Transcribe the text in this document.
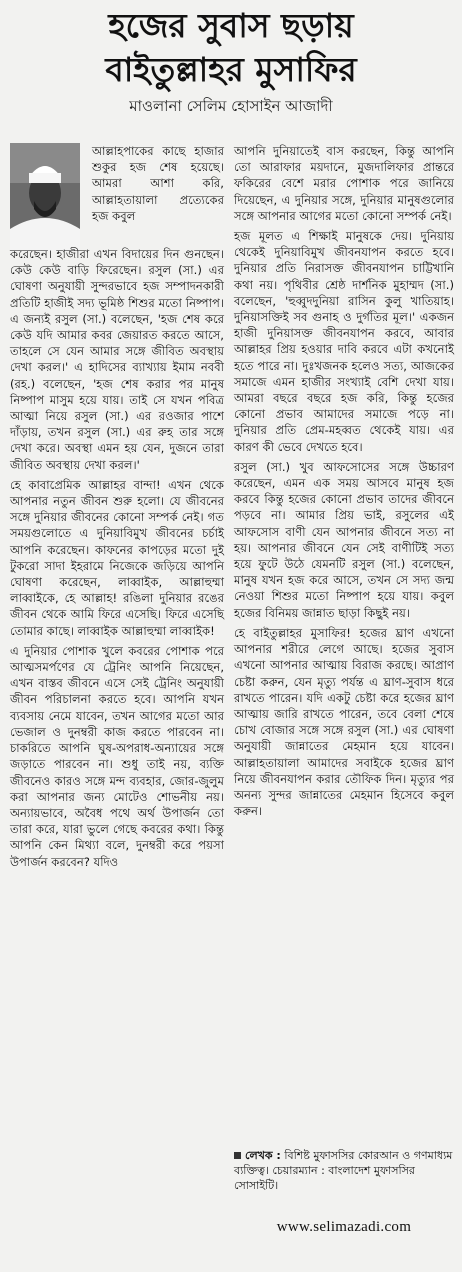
হজের সুবাস ছড়ায়
বাইতুল্লাহর মুসাফির
মাওলানা সেলিম হোসাইন আজাদী

আল্লাহপাকের কাছে হাজার শুকুর হজ শেষ হয়েছে। আমরা আশা করি, আল্লাহতায়ালা প্রত্যেকের হজ কবুল

করেছেন। হাজীরা এখন বিদায়ের দিন গুনছেন। কেউ কেউ বাড়ি ফিরেছেন। রসুল (সা.) এর ঘোষণা অনুযায়ী সুন্দরভাবে হজ সম্পাদনকারী প্রতিটি হাজীই সদ্য ভূমিষ্ঠ শিশুর মতো নিষ্পাপ। এ জন্যই রসুল (সা.) বলেছেন, 'হজ শেষ করে কেউ যদি আমার কবর জেয়ারত করতে আসে, তাহলে সে যেন আমার সঙ্গে জীবিত অবস্থায় দেখা করল।' এ হাদিসের ব্যাখ্যায় ইমাম নববী (রহ.) বলেছেন, 'হজ শেষ করার পর মানুষ নিষ্পাপ মাসুম হয়ে যায়। তাই সে যখন পবিত্র আত্মা নিয়ে রসুল (সা.) এর রওজার পাশে দাঁড়ায়, তখন রসুল (সা.) এর রুহ তার সঙ্গে দেখা করে। অবস্থা এমন হয় যেন, দুজনে তারা জীবিত অবস্থায় দেখা করল।'

হে কাবাপ্রেমিক আল্লাহর বান্দা! এখন থেকে আপনার নতুন জীবন শুরু হলো। যে জীবনের সঙ্গে দুনিয়ার জীবনের কোনো সম্পর্ক নেই। গত সময়গুলোতে এ দুনিয়াবিমুখ জীবনের চর্চাই আপনি করেছেন। কাফনের কাপড়ের মতো দুই টুকরো সাদা ইহরামে নিজেকে জড়িয়ে আপনি ঘোষণা করেছেন, লাব্বাইক, আল্লাহুম্মা লাব্বাইকে, হে আল্লাহ! রঙিলা দুনিয়ার রঙের জীবন থেকে আমি ফিরে এসেছি। ফিরে এসেছি তোমার কাছে। লাব্বাইক আল্লাহুম্মা লাব্বাইক!

এ দুনিয়ার পোশাক খুলে কবরের পোশাক পরে আত্মসমর্পণের যে ট্রেনিং আপনি নিয়েছেন, এখন বাস্তব জীবনে এসে সেই ট্রেনিং অনুযায়ী জীবন পরিচালনা করতে হবে। আপনি যখন ব্যবসায় নেমে যাবেন, তখন আগের মতো আর ভেজাল ও দুনম্বরী কাজ করতে পারবেন না। চাকরিতে আপনি ঘুষ-অপরাধ-অন্যায়ের সঙ্গে জড়াতে পারবেন না। শুধু তাই নয়, ব্যক্তি জীবনেও কারও সঙ্গে মন্দ ব্যবহার, জোর-জুলুম করা আপনার জন্য মোটেও শোভনীয় নয়। অন্যায়ভাবে, অবৈধ পথে অর্থ উপার্জন তো তারা করে, যারা ভুলে গেছে কবরের কথা। কিন্তু আপনি কেন মিথ্যা বলে, দুনম্বরী করে পয়সা উপার্জন করবেন? যদিও

আপনি দুনিয়াতেই বাস করছেন, কিন্তু আপনি তো আরাফার ময়দানে, মুজদালিফার প্রান্তরে ফকিরের বেশে মরার পোশাক পরে জানিয়ে দিয়েছেন, এ দুনিয়ার সঙ্গে, দুনিয়ার মানুষগুলোর সঙ্গে আপনার আগের মতো কোনো সম্পর্ক নেই।

হজ মূলত এ শিক্ষাই মানুষকে দেয়। দুনিয়ায় থেকেই দুনিয়াবিমুখ জীবনযাপন করতে হবে। দুনিয়ার প্রতি নিরাসক্ত জীবনযাপন চাট্টিখানি কথা নয়। পৃথিবীর শ্রেষ্ঠ দার্শনিক মুহাম্মদ (সা.) বলেছেন, 'হুব্বুদদুনিয়া রাসিন কুলু খাতিয়াহ। দুনিয়াসক্তিই সব গুনাহ ও দুর্গতির মূল।' একজন হাজী দুনিয়াসক্ত জীবনযাপন করবে, আবার আল্লাহর প্রিয় হওয়ার দাবি করবে এটা কখনোই হতে পারে না। দুঃখজনক হলেও সত্য, আজকের সমাজে এমন হাজীর সংখ্যাই বেশি দেখা যায়। আমরা বছরে বছরে হজ করি, কিন্তু হজের কোনো প্রভাব আমাদের সমাজে পড়ে না। দুনিয়ার প্রতি প্রেম-মহব্বত থেকেই যায়। এর কারণ কী ভেবে দেখতে হবে।

রসুল (সা.) খুব আফসোসের সঙ্গে উচ্চারণ করেছেন, এমন এক সময় আসবে মানুষ হজ করবে কিন্তু হজের কোনো প্রভাব তাদের জীবনে পড়বে না। আমার প্রিয় ভাই, রসুলের এই আফসোস বাণী যেন আপনার জীবনে সত্য না হয়। আপনার জীবনে যেন সেই বাণীটিই সত্য হয়ে ফুটে উঠে যেমনটি রসুল (সা.) বলেছেন, মানুষ যখন হজ করে আসে, তখন সে সদ্য জন্ম নেওয়া শিশুর মতো নিষ্পাপ হয়ে যায়। কবুল হজের বিনিময় জান্নাত ছাড়া কিছুই নয়।

হে বাইতুল্লাহর মুসাফির! হজের ঘ্রাণ এখনো আপনার শরীরে লেগে আছে। হজের সুবাস এখনো আপনার আত্মায় বিরাজ করছে। আপ্রাণ চেষ্টা করুন, যেন মৃত্যু পর্যন্ত এ ঘ্রাণ-সুবাস ধরে রাখতে পারেন। যদি একটু চেষ্টা করে হজের ঘ্রাণ আত্মায় জারি রাখতে পারেন, তবে বেলা শেষে চোখ বোজার সঙ্গে সঙ্গে রসুল (সা.) এর ঘোষণা অনুযায়ী জান্নাতের মেহমান হয়ে যাবেন। আল্লাহতায়ালা আমাদের সবাইকে হজের ঘ্রাণ নিয়ে জীবনযাপন করার তৌফিক দিন। মৃত্যুর পর অনন্য সুন্দর জান্নাতের মেহমান হিসেবে কবুল করুন।

লেখক : বিশিষ্ট মুফাসসির কোরআন ও গণমাধ্যম ব্যক্তিত্ব। চেয়ারম্যান : বাংলাদেশ মুফাসসির সোসাইটি।
www.selimazadi.com
